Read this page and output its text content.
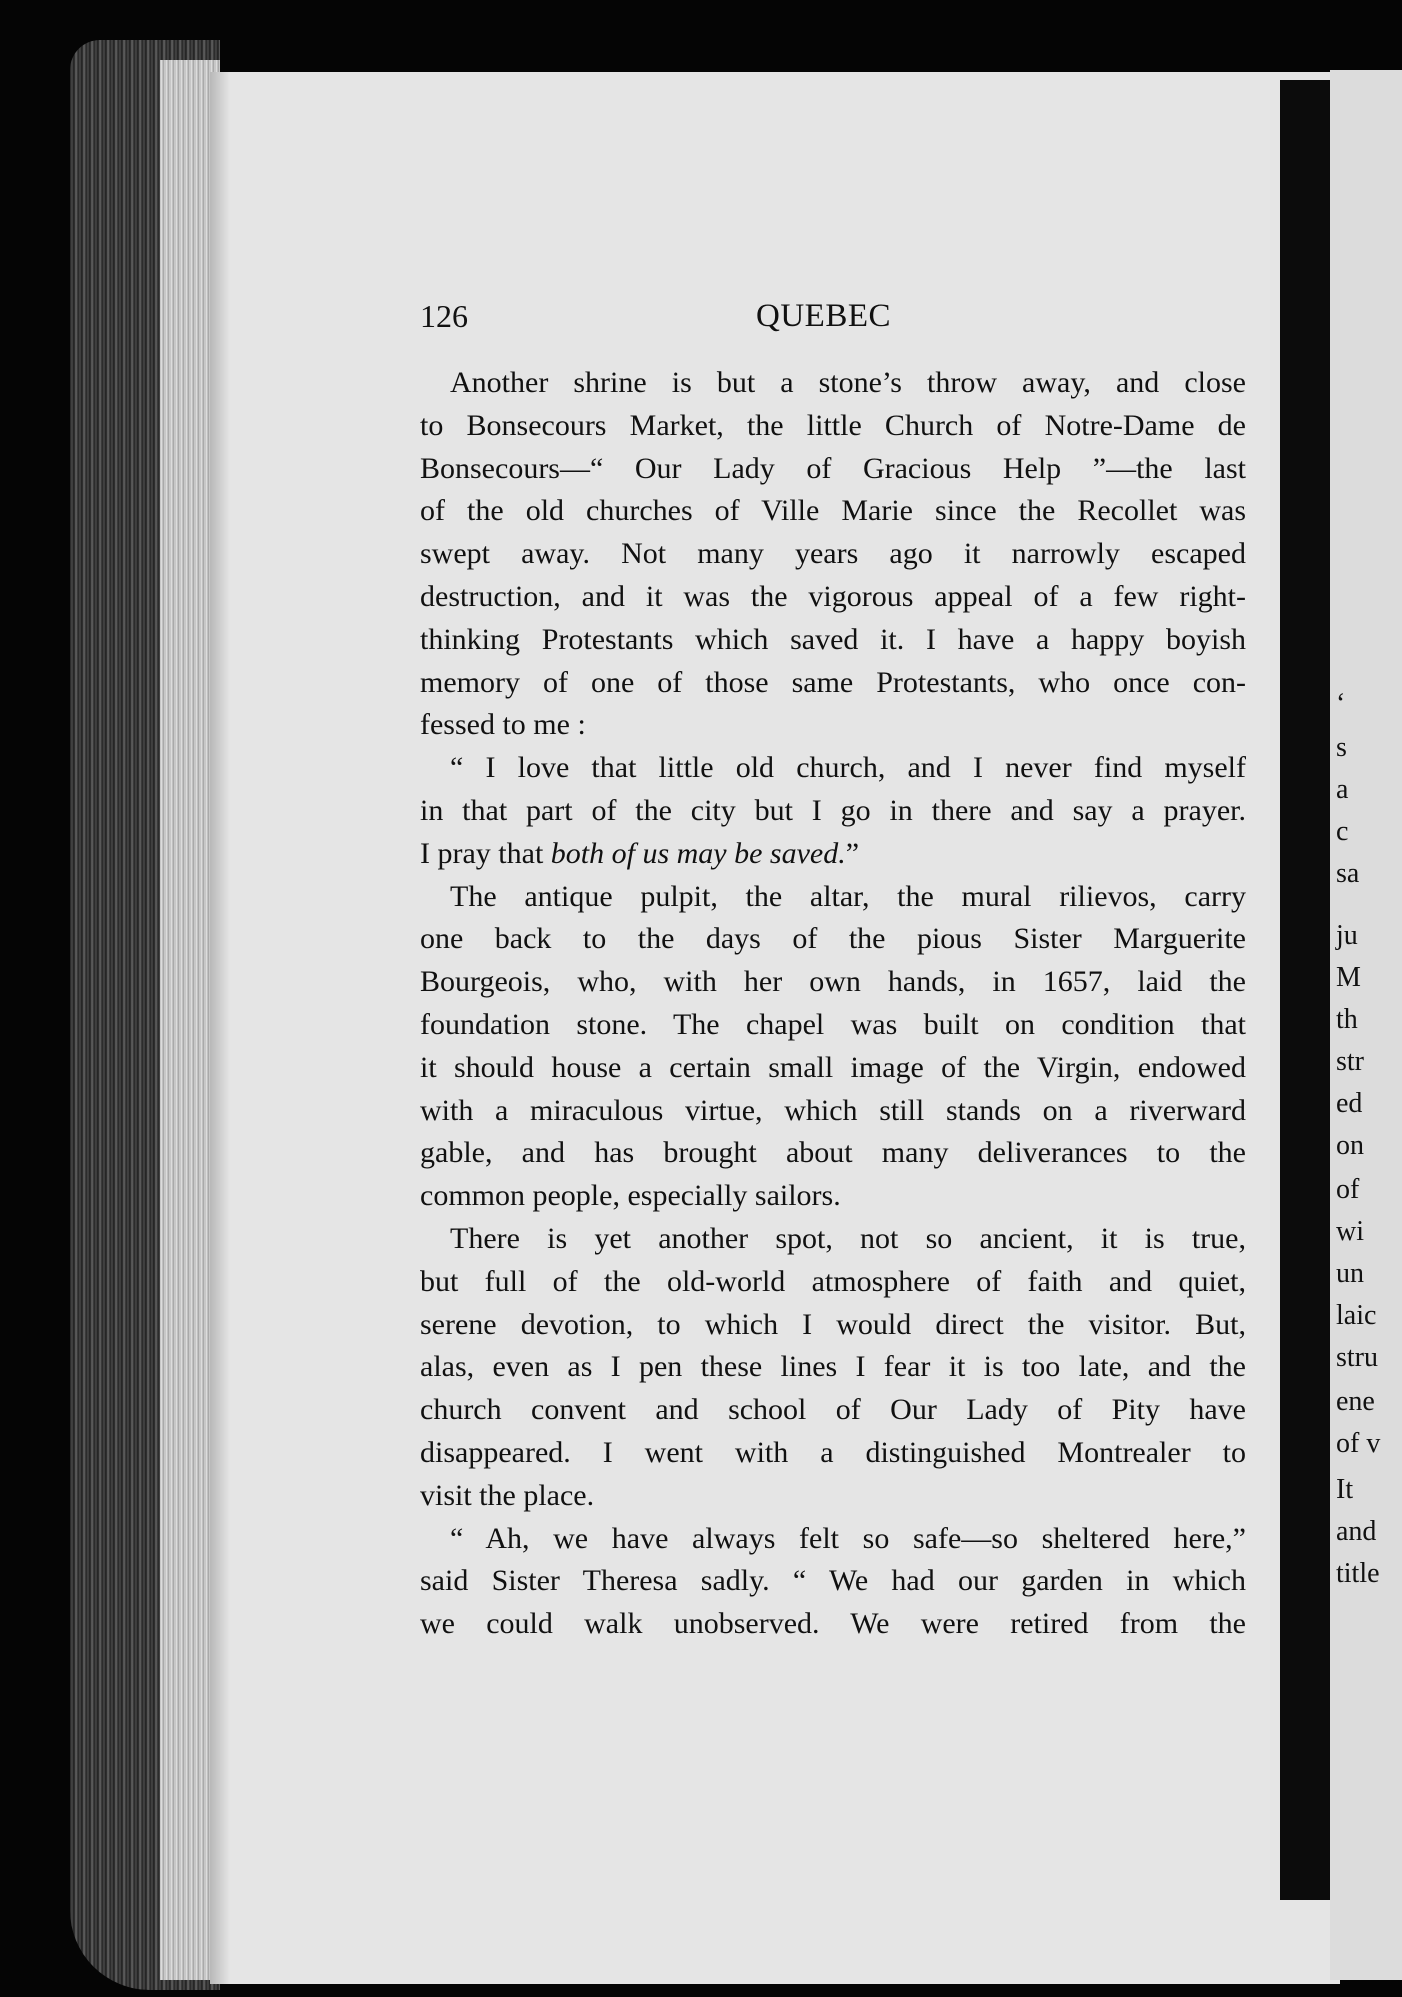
‘
s
a
c
sa
ju
M
th
str
ed
on
of
wi
un
laic
stru
ene
of v
It
and
title
126	QUEBEC
Another shrine is but a stone’s throw away, and close
to Bonsecours Market, the little Church of Notre-Dame de
Bonsecours—“ Our Lady of Gracious Help ”—the last
of the old churches of Ville Marie since the Recollet was
swept away. Not many years ago it narrowly escaped
destruction, and it was the vigorous appeal of a few right-
thinking Protestants which saved it. I have a happy boyish
memory of one of those same Protestants, who once con-
fessed to me :
“ I love that little old church, and I never find myself
in that part of the city but I go in there and say a prayer.
I pray that both of us may be saved.”
The antique pulpit, the altar, the mural rilievos, carry
one back to the days of the pious Sister Marguerite
Bourgeois, who, with her own hands, in 1657, laid the
foundation stone. The chapel was built on condition that
it should house a certain small image of the Virgin, endowed
with a miraculous virtue, which still stands on a riverward
gable, and has brought about many deliverances to the
common people, especially sailors.
There is yet another spot, not so ancient, it is true,
but full of the old-world atmosphere of faith and quiet,
serene devotion, to which I would direct the visitor. But,
alas, even as I pen these lines I fear it is too late, and the
church convent and school of Our Lady of Pity have
disappeared. I went with a distinguished Montrealer to
visit the place.
“ Ah, we have always felt so safe—so sheltered here,”
said Sister Theresa sadly. “ We had our garden in which
we could walk unobserved. We were retired from the
